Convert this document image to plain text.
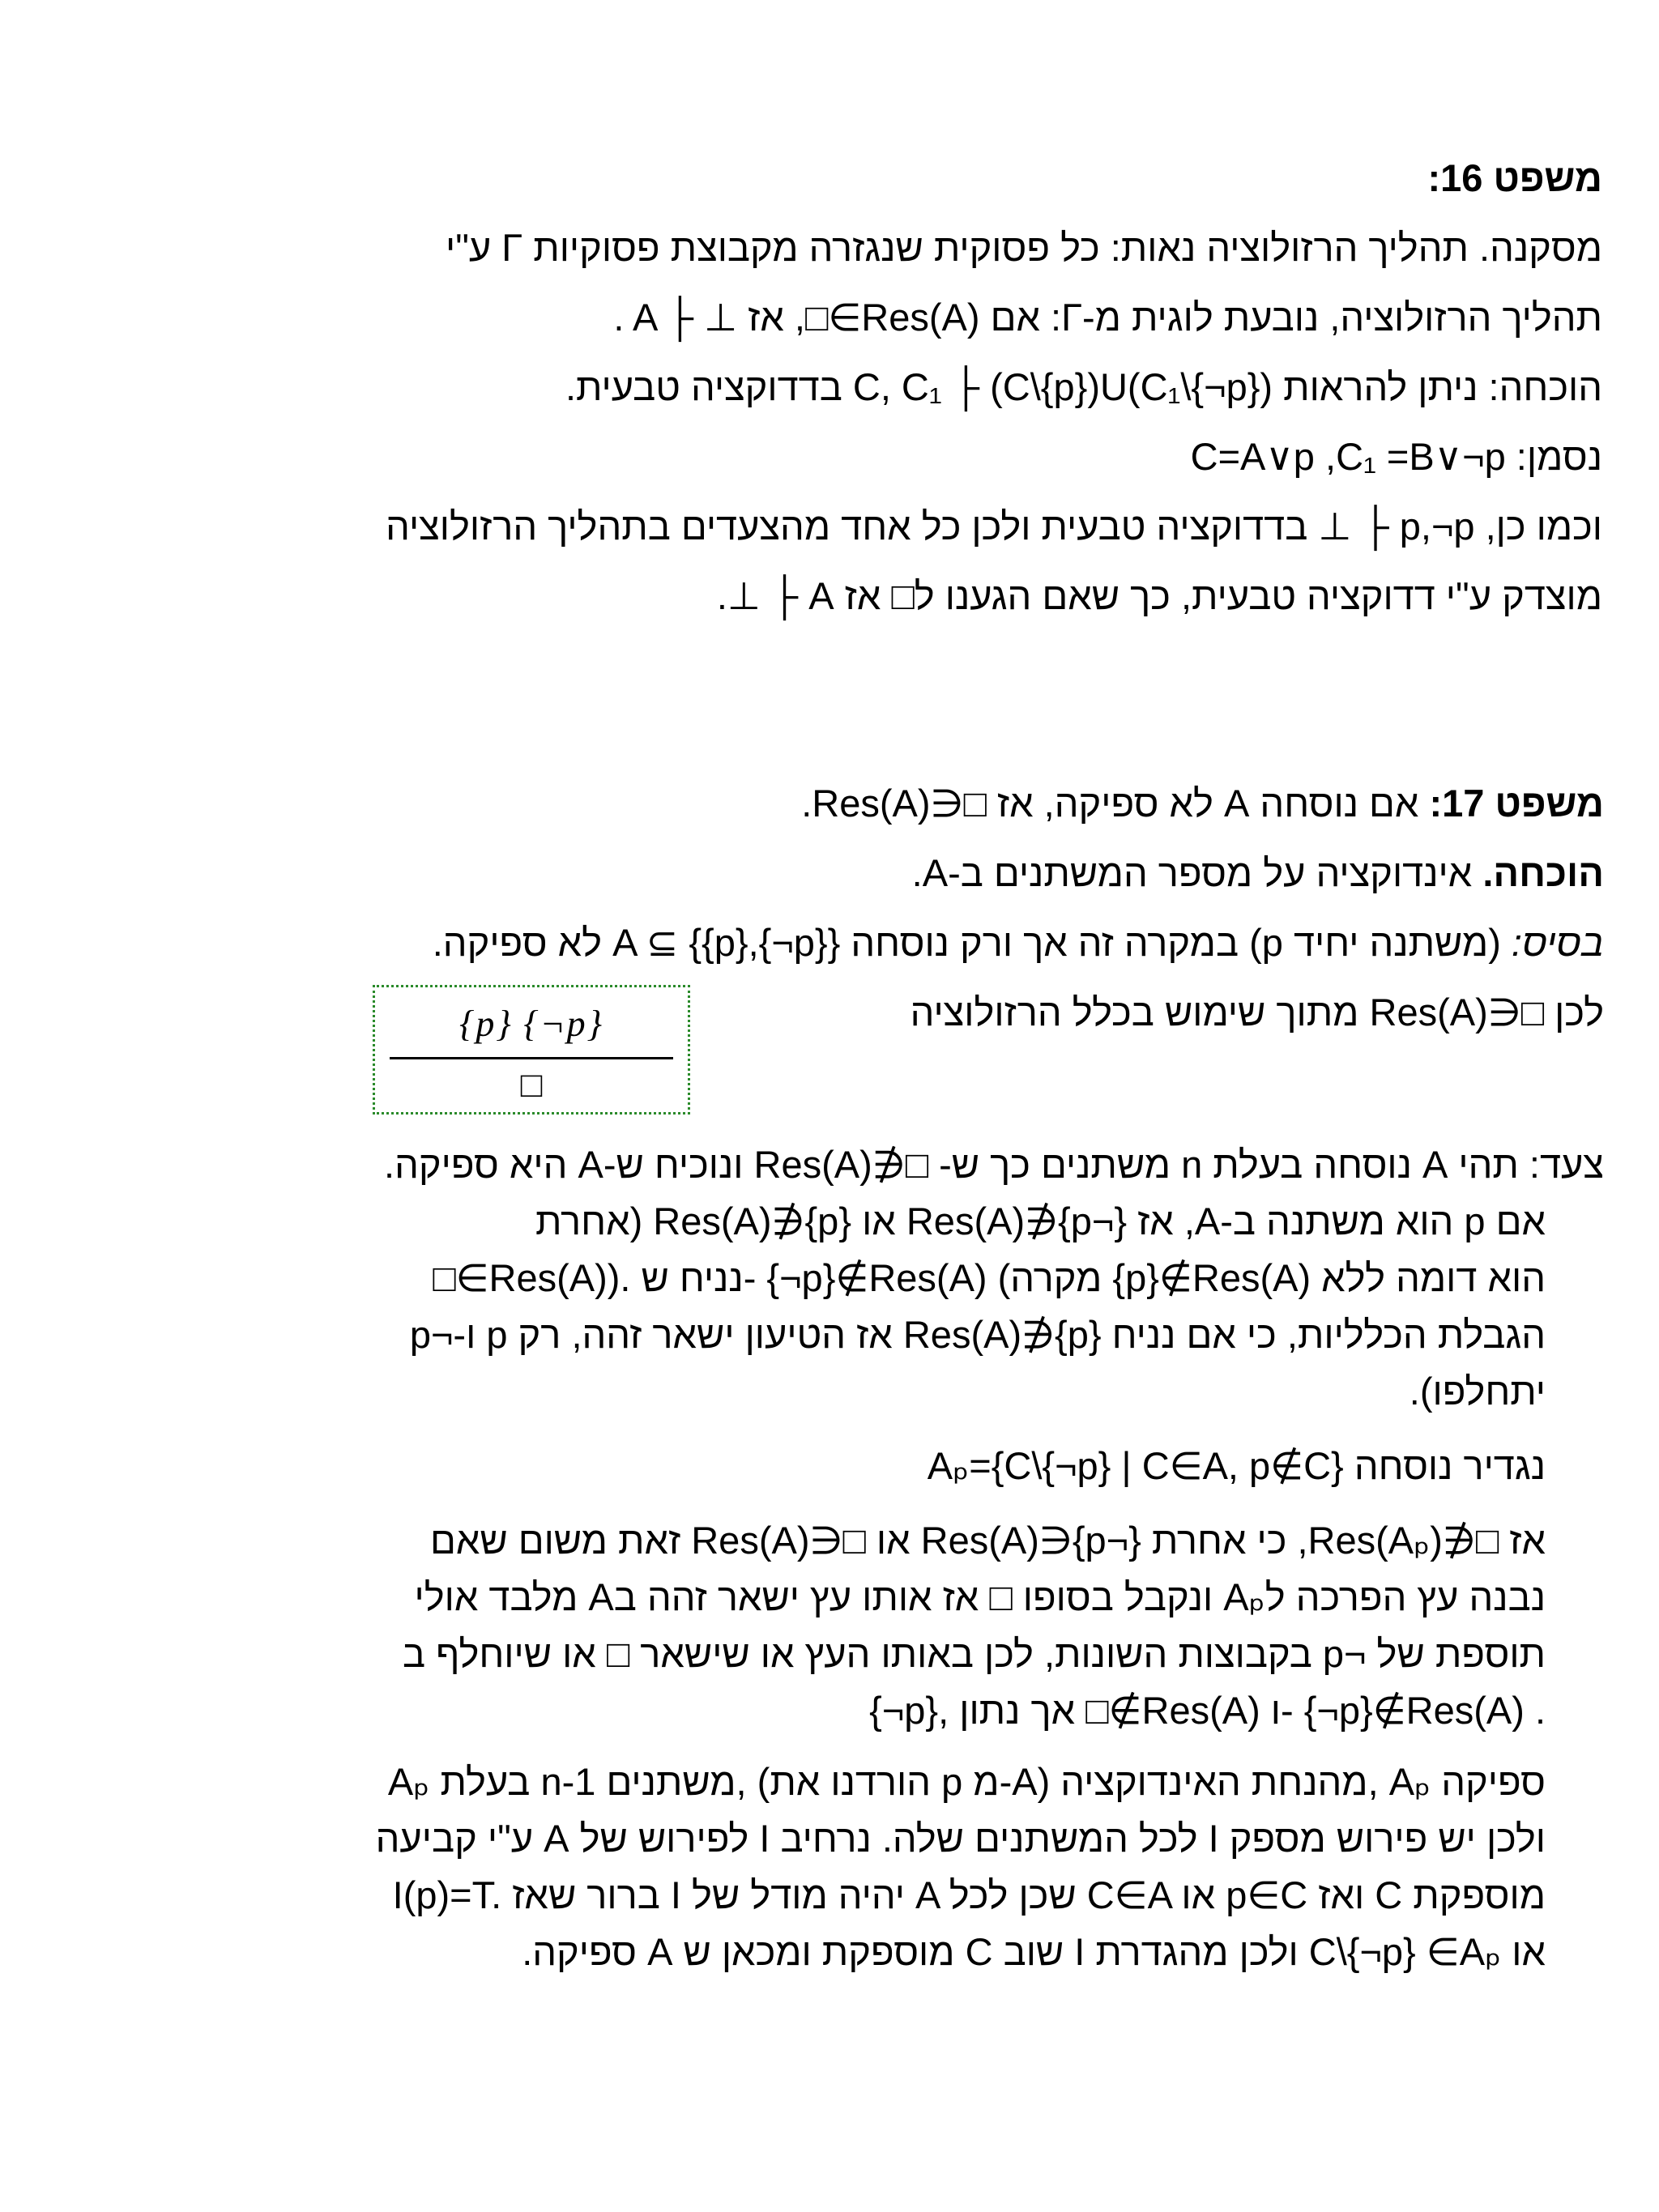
משפט 16:
מסקנה. תהליך הרזולוציה נאות: כל פסוקית שנגזרה מקבוצת פסוקיות Γ ע"י
. A ├ ⊥ אז ,□∈Res(A) אם :Γ-תהליך הרזולוציה, נובעת לוגית מ
הוכחה: ניתן להראות C, C₁ ├ (C\{p})U(C₁\{¬p}) בדדוקציה טבעית.
נסמן: C=A∨p ,C₁ =B∨¬p
וכמו כן, p,¬p ├ ⊥ בדדוקציה טבעית ולכן כל אחד מהצעדים בתהליך הרזולוציה
מוצדק ע"י דדוקציה טבעית, כך שאם הגענו ל□ אז A ├ ⊥.
משפט 17: אם נוסחה A לא ספיקה, אז □∈Res(A).
הוכחה. אינדוקציה על מספר המשתנים ב-A.
בסיס: (משתנה יחיד p) במקרה זה אך ורק נוסחה A ⊆ {{p},{¬p}} לא ספיקה.
לכן □∈Res(A) מתוך שימוש בכלל הרזולוציה
{p} {¬p}
□
צעד: תהי A נוסחה בעלת n משתנים כך ש- □∉Res(A) ונוכיח ש-A היא ספיקה.
אם p הוא משתנה ב-A, אז {¬p}∉Res(A) או {p}∉Res(A) (אחרת
□∈Res(A)). נניח ש- {¬p}∉Res(A) (מקרה {p}∉Res(A) הוא דומה ללא
הגבלת הכלליות, כי אם נניח {p}∉Res(A) אז הטיעון ישאר זהה, רק p ו-¬p
יתחלפו).
נגדיר נוסחה Aₚ={C\{¬p} | C∈A, p∉C}
אז □∉Res(Aₚ), כי אחרת {¬p}∈Res(A) או □∈Res(A) זאת משום שאם
נבנה עץ הפרכה לAₚ ונקבל בסופו □ אז אותו עץ ישאר זהה בA מלבד אולי
תוספת של ¬p בקבוצות השונות, לכן באותו העץ או שישאר □ או שיוחלף ב
{¬p}, אך נתון □∉Res(A) ו- {¬p}∉Res(A) .
Aₚ בעלת n-1 משתנים, (הורדנו את p מ-A) מהנחת האינדוקציה, Aₚ ספיקה
ולכן יש פירוש מספק I לכל המשתנים שלה. נרחיב I לפירוש של A ע"י קביעה
I(p)=T. ברור שאז I יהיה מודל של A שכן לכל C∈A או p∈C ואז C מוספקת
או C\{¬p} ∈Aₚ ולכן מהגדרת I שוב C מוספקת ומכאן ש A ספיקה.
